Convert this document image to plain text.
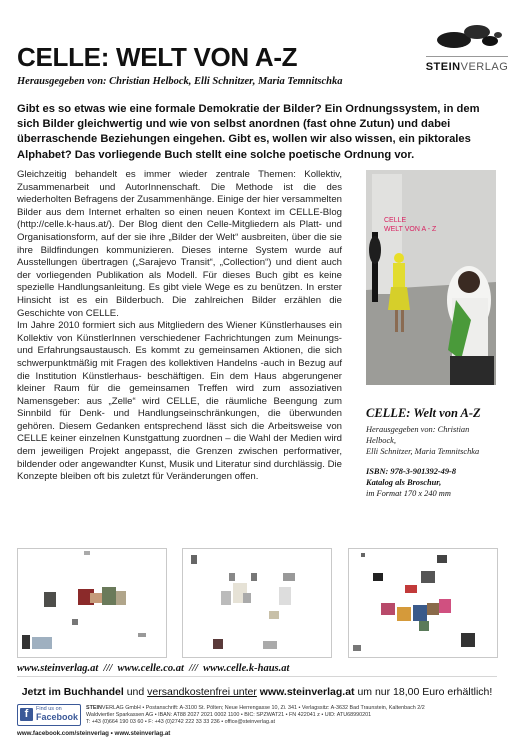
STEINVERLAG
CELLE: WELT VON A-Z
Herausgegeben von: Christian Helbock, Elli Schnitzer, Maria Temnitschka
Gibt es so etwas wie eine formale Demokratie der Bilder? Ein Ordnungssystem, in dem sich Bilder gleichwertig und wie von selbst anordnen (fast ohne Zutun) und dabei überraschende Beziehungen eingehen. Gibt es, wollen wir also wissen, ein piktorales Alphabet? Das vorliegende Buch stellt eine solche poetische Ordnung vor.

Gleichzeitig behandelt es immer wieder zentrale Themen: Kollektiv, Zusammenarbeit und AutorInnenschaft. Die Methode ist die des wiederholten Befragens der Zusammenhänge. Einige der hier versammelten Bilder aus dem Internet erhalten so einen neuen Kontext im CELLE-Blog (http://celle.k-haus.at/). Der Blog dient den Celle-Mitgliedern als Platt- und Organisationsform, auf der sie ihre „Bilder der Welt“ ausbreiten, über die sie ihre Bildfindungen kommunizieren. Dieses interne System wurde auf Ausstellungen übertragen („Sarajevo Transit“, „Collection“) und dient auch der vorliegenden Publikation als Modell. Für dieses Buch gibt es keine spezielle Handlungsanleitung. Es gibt viele Wege es zu benützen. In erster Hinsicht ist es ein Bilderbuch. Die zahlreichen Bilder erzählen die Geschichte von CELLE.

Im Jahre 2010 formiert sich aus Mitgliedern des Wiener Künstlerhauses ein Kollektiv von KünstlerInnen verschiedener Fachrichtungen zum Meinungs- und Erfahrungsaustausch. Es kommt zu gemeinsamen Aktionen, die sich schwerpunktmäßig mit Fragen des kollektiven Handelns -auch in Bezug auf die Institution Künstlerhaus- beschäftigen. Ein dem Haus abgerungener kleiner Raum für die gemeinsamen Treffen wird zum assoziativen Namensgeber: aus „Zelle“ wird CELLE, die räumliche Beengung zum Sinnbild für Denk- und Handlungseinschränkungen, die überwunden gehören. Diesem Gedanken entsprechend lässt sich die Arbeitsweise von CELLE keiner einzelnen Kunstgattung zuordnen – die Wahl der Medien wird dem jeweiligen Projekt angepasst, die Grenzen zwischen performativer, bildender oder angewandter Kunst, Musik und Literatur sind durchlässig. Die Konzepte bleiben oft bis zuletzt für Veränderungen offen.

CELLE
WELT VON A - Z
CELLE: Welt von A-Z
Herausgegeben von: Christian Helbock,
Elli Schnitzer, Maria Temnitschka
ISBN: 978-3-901392-49-8
Katalog als Broschur,
im Format 170 x 240 mm
www.steinverlag.at  ///  www.celle.co.at  ///  www.celle.k-haus.at
Jetzt im Buchhandel und versandkostenfrei unter www.steinverlag.at um nur 18,00 Euro erhältlich!
f	Find us on
Facebook
STEINVERLAG GmbH • Postanschrift: A-3100 St. Pölten; Neue Herrengasse 10, Zi. 341 • Verlagssitz: A-3632 Bad Traunstein, Kaltenbach 2/2
Waldviertler Sparkassen AG • IBAN: AT88 2027 2021 0002 1100 • BIC: SPZWAT21 • FN 422041 z • UID: ATU68990201
T: +43 (0)664 190 03 60 • F: +43 (0)2742 222 33 33 236 • office@steinverlag.at
www.facebook.com/steinverlag • www.steinverlag.at
